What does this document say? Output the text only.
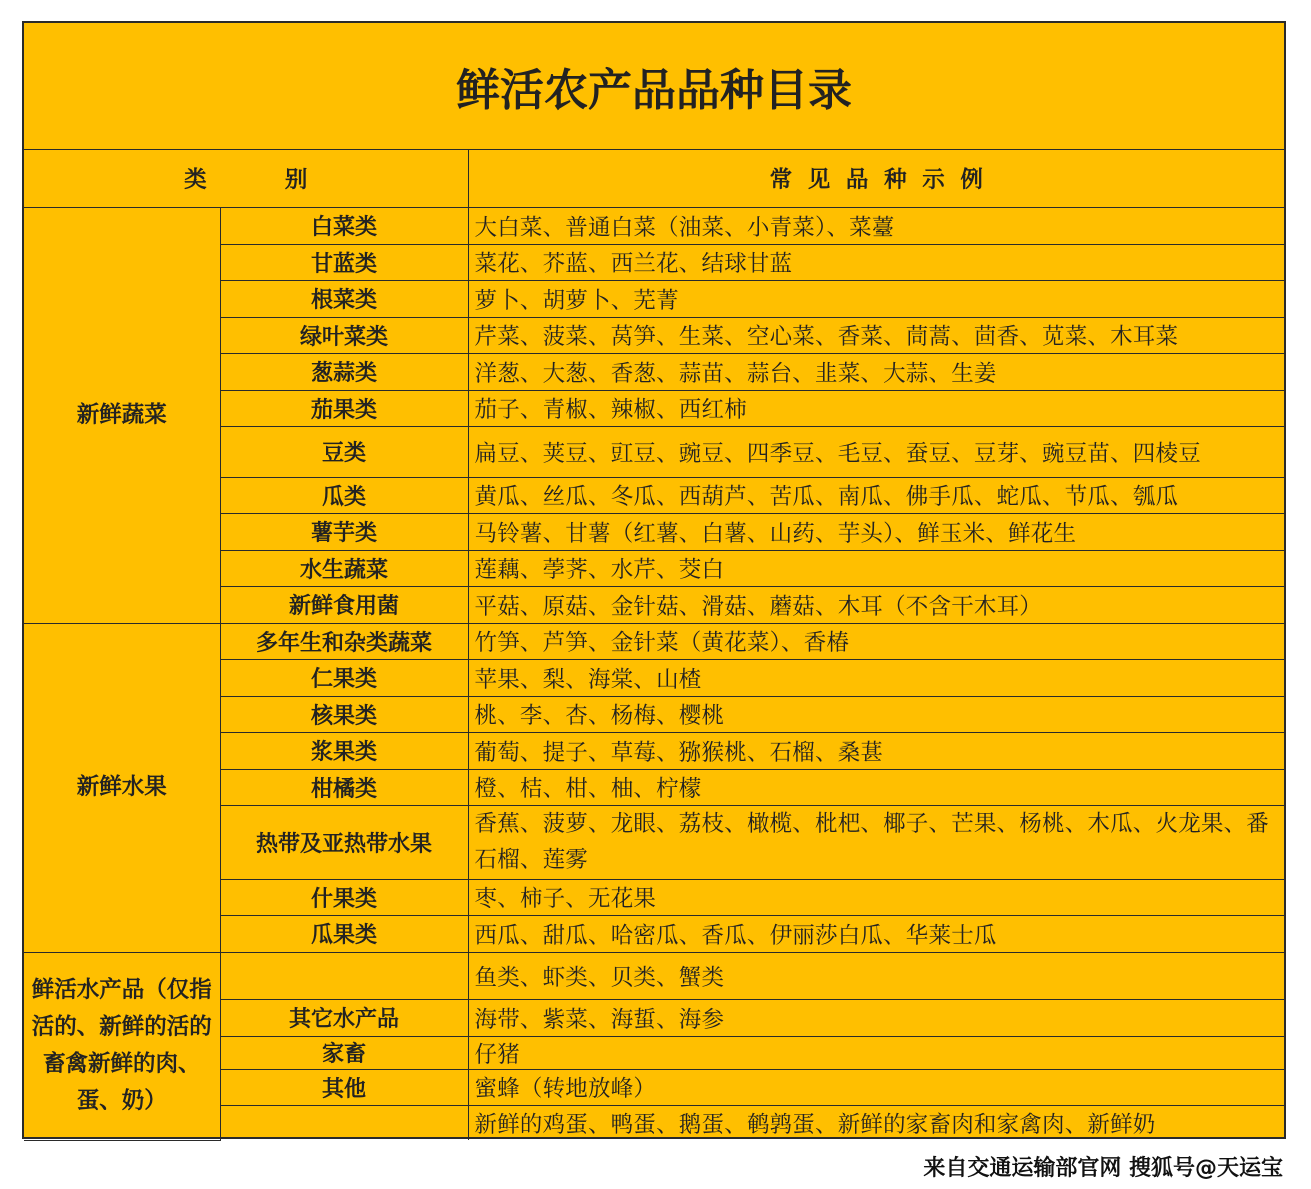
鲜活农产品品种目录
类          别		常  见  品  种  示  例
新鲜蔬菜	白菜类	大白菜、普通白菜（油菜、小青菜）、菜薹
	甘蓝类	菜花、芥蓝、西兰花、结球甘蓝
	根菜类	萝卜、胡萝卜、芜菁
	绿叶菜类	芹菜、菠菜、莴笋、生菜、空心菜、香菜、茼蒿、茴香、苋菜、木耳菜
	葱蒜类	洋葱、大葱、香葱、蒜苗、蒜台、韭菜、大蒜、生姜
	茄果类	茄子、青椒、辣椒、西红柿
	豆类	扁豆、荚豆、豇豆、豌豆、四季豆、毛豆、蚕豆、豆芽、豌豆苗、四棱豆
	瓜类	黄瓜、丝瓜、冬瓜、西葫芦、苦瓜、南瓜、佛手瓜、蛇瓜、节瓜、瓠瓜
	薯芋类	马铃薯、甘薯（红薯、白薯、山药、芋头）、鲜玉米、鲜花生
	水生蔬菜	莲藕、荸荠、水芹、茭白
	新鲜食用菌	平菇、原菇、金针菇、滑菇、蘑菇、木耳（不含干木耳）
新鲜水果	多年生和杂类蔬菜	竹笋、芦笋、金针菜（黄花菜）、香椿
	仁果类	苹果、梨、海棠、山楂
	核果类	桃、李、杏、杨梅、樱桃
	浆果类	葡萄、提子、草莓、猕猴桃、石榴、桑葚
	柑橘类	橙、桔、柑、柚、柠檬
	热带及亚热带水果	香蕉、菠萝、龙眼、荔枝、橄榄、枇杷、椰子、芒果、杨桃、木瓜、火龙果、番石榴、莲雾
	什果类	枣、柿子、无花果
	瓜果类	西瓜、甜瓜、哈密瓜、香瓜、伊丽莎白瓜、华莱士瓜
鲜活水产品（仅指活的、新鲜的活的畜禽新鲜的肉、蛋、奶）		鱼类、虾类、贝类、蟹类
	其它水产品	海带、紫菜、海蜇、海参
	家畜	仔猪
	其他	蜜蜂（转地放峰）
		新鲜的鸡蛋、鸭蛋、鹅蛋、鹌鹑蛋、新鲜的家畜肉和家禽肉、新鲜奶
来自交通运输部官网 搜狐号@天运宝
